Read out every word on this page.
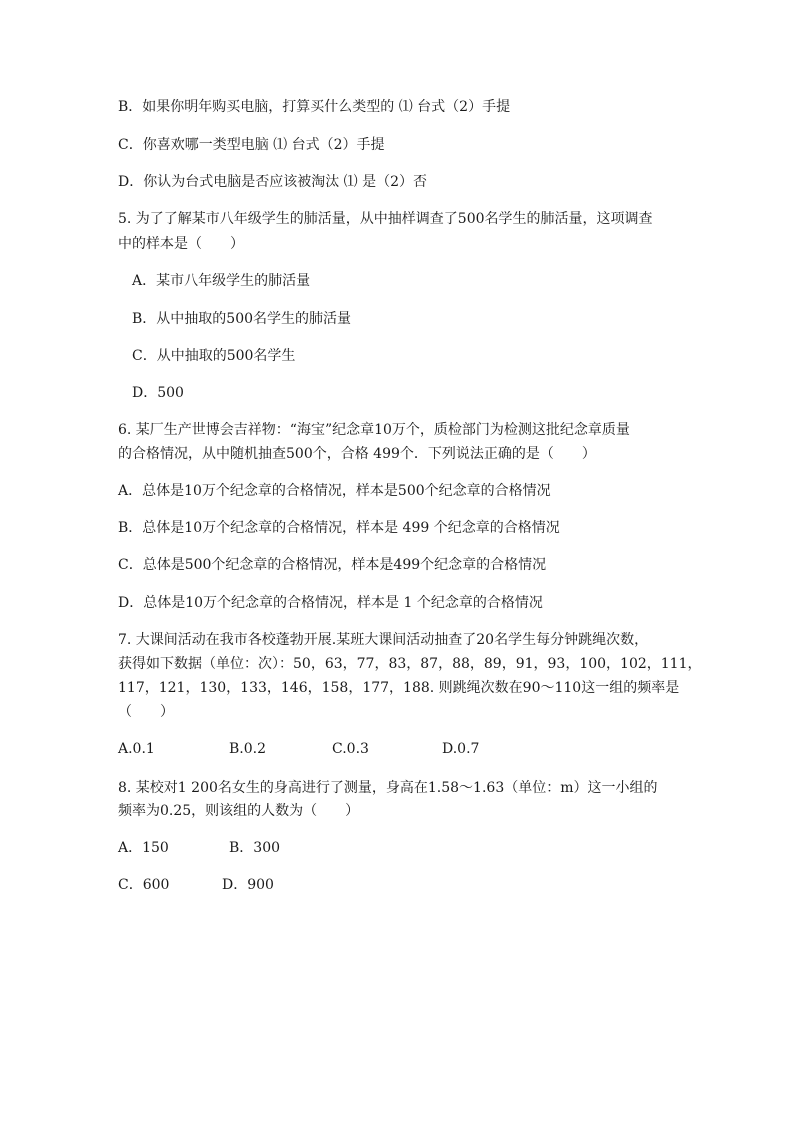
B．如果你明年购买电脑，打算买什么类型的 ⑴ 台式（2）手提
C．你喜欢哪一类型电脑 ⑴ 台式（2）手提
D．你认为台式电脑是否应该被淘汰 ⑴ 是（2）否
5. 为了了解某市八年级学生的肺活量，从中抽样调查了500名学生的肺活量，这项调查
中的样本是（　　）
A．某市八年级学生的肺活量
B．从中抽取的500名学生的肺活量
C．从中抽取的500名学生
D．500
6. 某厂生产世博会吉祥物：“海宝”纪念章10万个，质检部门为检测这批纪念章质量
的合格情况，从中随机抽查500个，合格 499个．下列说法正确的是（　　）
A．总体是10万个纪念章的合格情况，样本是500个纪念章的合格情况
B．总体是10万个纪念章的合格情况，样本是 499 个纪念章的合格情况
C．总体是500个纪念章的合格情况，样本是499个纪念章的合格情况
D．总体是10万个纪念章的合格情况，样本是 1 个纪念章的合格情况
7. 大课间活动在我市各校蓬勃开展.某班大课间活动抽查了20名学生每分钟跳绳次数，
获得如下数据（单位：次）：50，63，77，83，87，88，89，91，93，100，102，111，
117，121，130，133，146，158，177，188. 则跳绳次数在90～110这一组的频率是
（　　）
A.0.1	B.0.2	C.0.3	D.0.7
8. 某校对1 200名女生的身高进行了测量，身高在1.58～1.63（单位：m）这一小组的
频率为0.25，则该组的人数为（　　）
A．150	B．300
C．600	D．900
